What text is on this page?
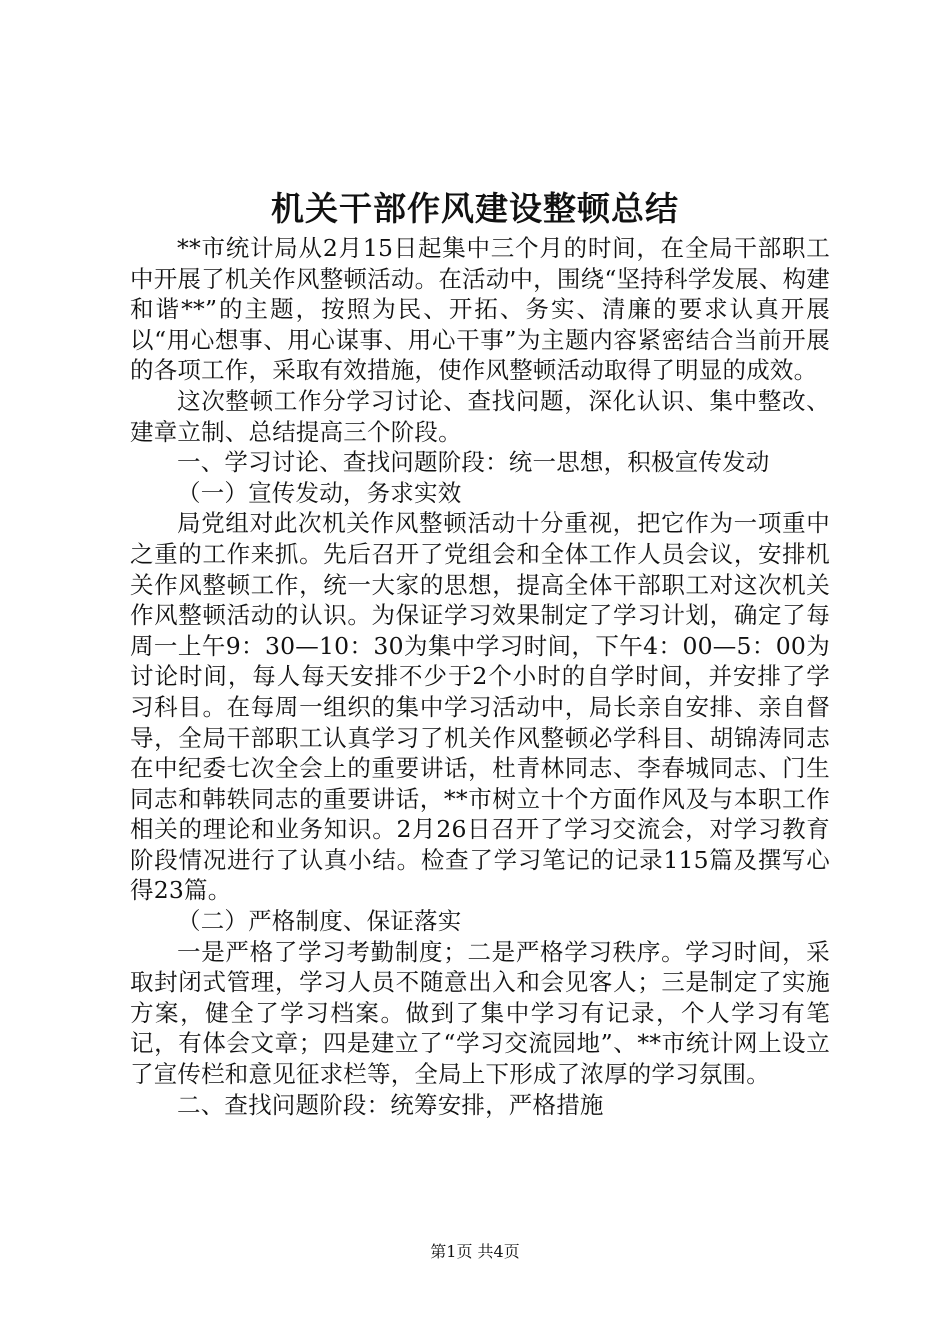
机关干部作风建设整顿总结

**市统计局从2月15日起集中三个月的时间，在全局干部职工中开展了机关作风整顿活动。在活动中，围绕“坚持科学发展、构建和谐**”的主题，按照为民、开拓、务实、清廉的要求认真开展以“用心想事、用心谋事、用心干事”为主题内容紧密结合当前开展的各项工作，采取有效措施，使作风整顿活动取得了明显的成效。

这次整顿工作分学习讨论、查找问题，深化认识、集中整改、建章立制、总结提高三个阶段。

一、学习讨论、查找问题阶段：统一思想，积极宣传发动

（一）宣传发动，务求实效

局党组对此次机关作风整顿活动十分重视，把它作为一项重中之重的工作来抓。先后召开了党组会和全体工作人员会议，安排机关作风整顿工作，统一大家的思想，提高全体干部职工对这次机关作风整顿活动的认识。为保证学习效果制定了学习计划，确定了每周一上午9：30—10：30为集中学习时间，下午4：00—5：00为讨论时间，每人每天安排不少于2个小时的自学时间，并安排了学习科目。在每周一组织的集中学习活动中，局长亲自安排、亲自督导，全局干部职工认真学习了机关作风整顿必学科目、胡锦涛同志在中纪委七次全会上的重要讲话，杜青林同志、李春城同志、门生同志和韩轶同志的重要讲话，**市树立十个方面作风及与本职工作相关的理论和业务知识。2月26日召开了学习交流会，对学习教育阶段情况进行了认真小结。检查了学习笔记的记录115篇及撰写心得23篇。

（二）严格制度、保证落实

一是严格了学习考勤制度；二是严格学习秩序。学习时间，采取封闭式管理，学习人员不随意出入和会见客人；三是制定了实施方案，健全了学习档案。做到了集中学习有记录，个人学习有笔记，有体会文章；四是建立了“学习交流园地”、**市统计网上设立了宣传栏和意见征求栏等，全局上下形成了浓厚的学习氛围。

二、查找问题阶段：统筹安排，严格措施

第1页 共4页
